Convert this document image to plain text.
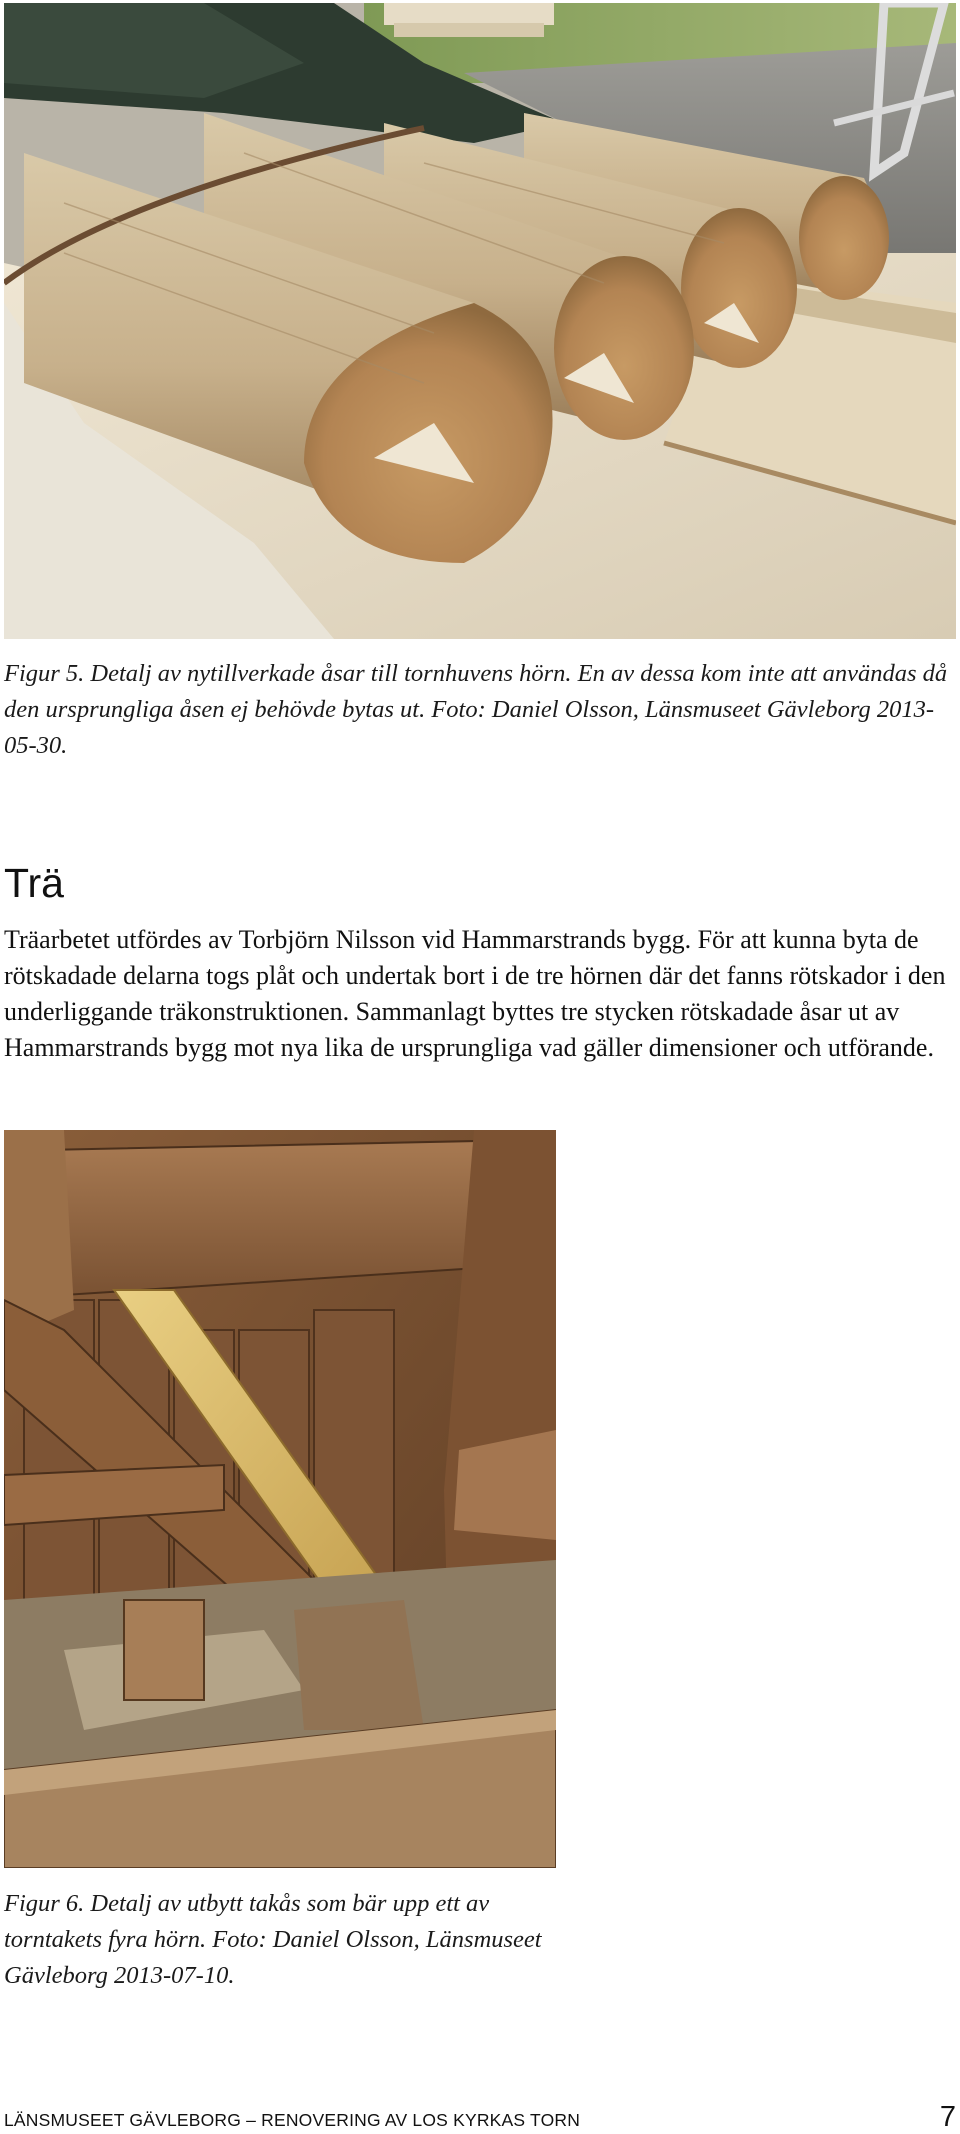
Figur 5. Detalj av nytillverkade åsar till tornhuvens hörn. En av dessa kom inte att användas då den ursprungliga åsen ej behövde bytas ut. Foto: Daniel Olsson, Länsmuseet Gävleborg 2013-05-30.

Trä

Träarbetet utfördes av Torbjörn Nilsson vid Hammarstrands bygg. För att kunna byta de rötskadade delarna togs plåt och undertak bort i de tre hörnen där det fanns rötskador i den underliggande träkonstruktionen. Sammanlagt byttes tre stycken rötskadade åsar ut av Hammarstrands bygg mot nya lika de ursprungliga vad gäller dimensioner och utförande.

Figur 6. Detalj av utbytt takås som bär upp ett av torntakets fyra hörn. Foto: Daniel Olsson, Länsmuseet Gävleborg 2013-07-10.

LÄNSMUSEET GÄVLEBORG – RENOVERING AV LOS KYRKAS TORN	7
